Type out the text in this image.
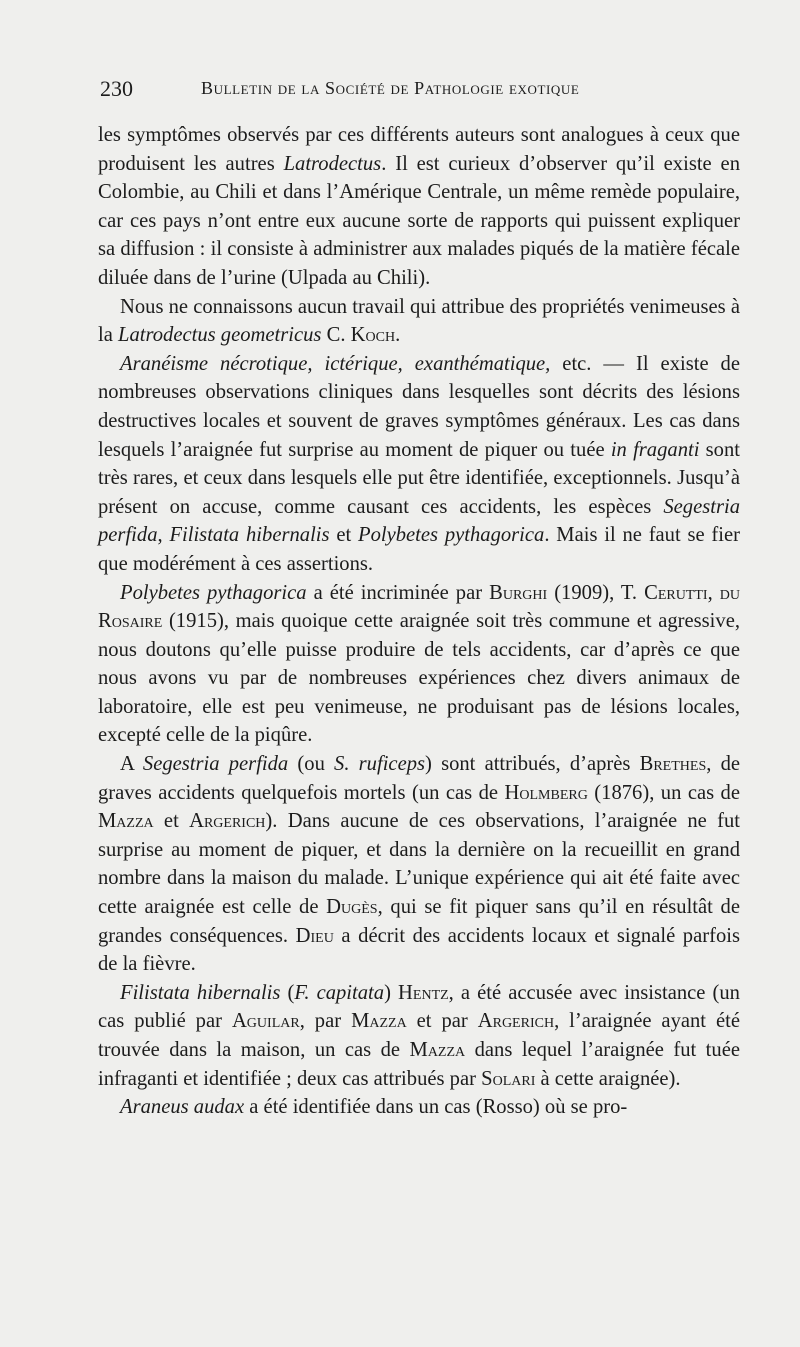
230	Bulletin de la Société de Pathologie exotique

les symptômes observés par ces différents auteurs sont analogues à ceux que produisent les autres Latrodectus. Il est curieux d’observer qu’il existe en Colombie, au Chili et dans l’Amérique Centrale, un même remède populaire, car ces pays n’ont entre eux aucune sorte de rapports qui puissent expliquer sa diffusion : il consiste à administrer aux malades piqués de la matière fécale diluée dans de l’urine (Ulpada au Chili).

Nous ne connaissons aucun travail qui attribue des propriétés venimeuses à la Latrodectus geometricus C. Koch.

Aranéisme nécrotique, ictérique, exanthématique, etc. — Il existe de nombreuses observations cliniques dans lesquelles sont décrits des lésions destructives locales et souvent de graves symptômes généraux. Les cas dans lesquels l’araignée fut surprise au moment de piquer ou tuée in fraganti sont très rares, et ceux dans lesquels elle put être identifiée, exceptionnels. Jusqu’à présent on accuse, comme causant ces accidents, les espèces Segestria perfida, Filistata hibernalis et Polybetes pythagorica. Mais il ne faut se fier que modérément à ces assertions.

Polybetes pythagorica a été incriminée par Burghi (1909), T. Cerutti, du Rosaire (1915), mais quoique cette araignée soit très commune et agressive, nous doutons qu’elle puisse produire de tels accidents, car d’après ce que nous avons vu par de nombreuses expériences chez divers animaux de laboratoire, elle est peu venimeuse, ne produisant pas de lésions locales, excepté celle de la piqûre.

A Segestria perfida (ou S. ruficeps) sont attribués, d’après Brethes, de graves accidents quelquefois mortels (un cas de Holmberg (1876), un cas de Mazza et Argerich). Dans aucune de ces observations, l’araignée ne fut surprise au moment de piquer, et dans la dernière on la recueillit en grand nombre dans la maison du malade. L’unique expérience qui ait été faite avec cette araignée est celle de Dugès, qui se fit piquer sans qu’il en résultât de grandes conséquences. Dieu a décrit des accidents locaux et signalé parfois de la fièvre.

Filistata hibernalis (F. capitata) Hentz, a été accusée avec insistance (un cas publié par Aguilar, par Mazza et par Argerich, l’araignée ayant été trouvée dans la maison, un cas de Mazza dans lequel l’araignée fut tuée infraganti et identifiée ; deux cas attribués par Solari à cette araignée).

Araneus audax a été identifiée dans un cas (Rosso) où se pro-
